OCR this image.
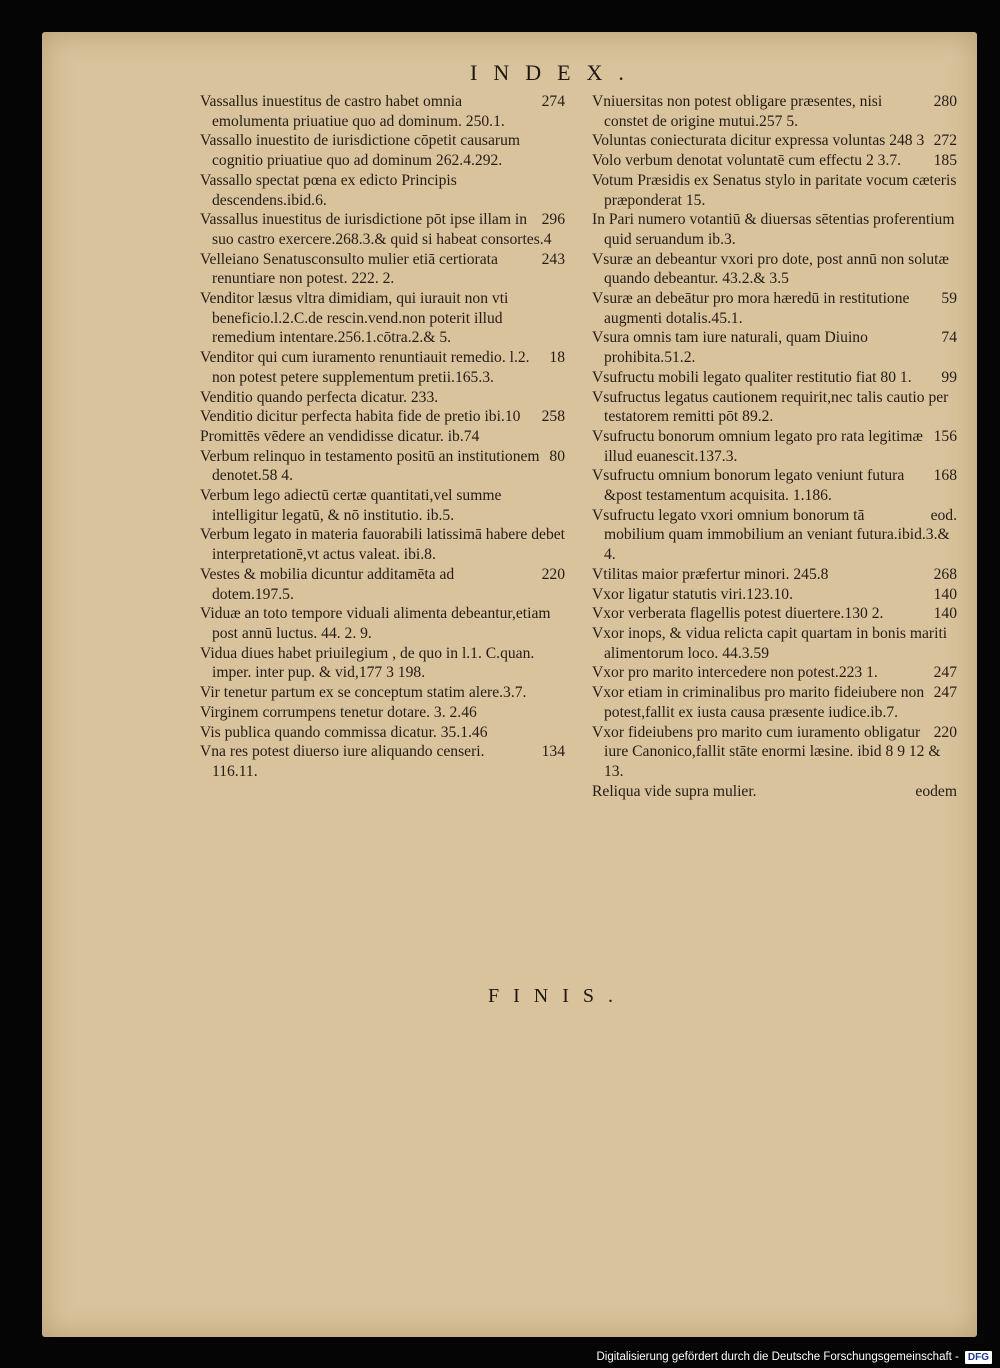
INDEX.
274
Vassallus inuestitus de castro habet omnia emolumenta priuatiue quo ad dominum. 250.1.
Vassallo inuestito de iurisdictione cōpetit causarum cognitio priuatiue quo ad dominum 262.4.292.
Vassallo spectat pœna ex edicto Principis descendens.ibid.6.
296
Vassallus inuestitus de iurisdictione pōt ipse illam in suo castro exercere.268.3.& quid si habeat consortes.4
243
Velleiano Senatusconsulto mulier etiā certiorata renuntiare non potest. 222. 2.
Venditor læsus vltra dimidiam, qui iurauit non vti beneficio.l.2.C.de rescin.vend.non poterit illud remedium intentare.256.1.cōtra.2.& 5.
18
Venditor qui cum iuramento renuntiauit remedio. l.2. non potest petere supplementum pretii.165.3.
Venditio quando perfecta dicatur. 233.
258
Venditio dicitur perfecta habita fide de pretio ibi.10
Promittēs vēdere an vendidisse dicatur. ib.74
80
Verbum relinquo in testamento positū an institutionem denotet.58 4.
Verbum lego adiectū certæ quantitati,vel summe intelligitur legatū, & nō institutio. ib.5.
Verbum legato in materia fauorabili latissimā habere debet interpretationē,vt actus valeat. ibi.8.
220
Vestes & mobilia dicuntur additamēta ad dotem.197.5.
Viduæ an toto tempore viduali alimenta debeantur,etiam post annū luctus. 44. 2. 9.
Vidua diues habet priuilegium , de quo in l.1. C.quan. imper. inter pup. & vid,177 3 198.
Vir tenetur partum ex se conceptum statim alere.3.7.
Virginem corrumpens tenetur dotare. 3. 2.46
Vis publica quando commissa dicatur. 35.1.46
134
Vna res potest diuerso iure aliquando censeri. 116.11.
280
Vniuersitas non potest obligare præsentes, nisi constet de origine mutui.257 5.
272
Voluntas coniecturata dicitur expressa voluntas 248 3
185
Volo verbum denotat voluntatē cum effectu 2 3.7.
Votum Præsidis ex Senatus stylo in paritate vocum cæteris præponderat 15.
In Pari numero votantiū & diuersas sētentias proferentium quid seruandum ib.3.
Vsuræ an debeantur vxori pro dote, post annū non solutæ quando debeantur. 43.2.& 3.5
59
Vsuræ an debeātur pro mora hæredū in restitutione augmenti dotalis.45.1.
74
Vsura omnis tam iure naturali, quam Diuino prohibita.51.2.
99
Vsufructu mobili legato qualiter restitutio fiat 80 1.
Vsufructus legatus cautionem requirit,nec talis cautio per testatorem remitti pōt 89.2.
156
Vsufructu bonorum omnium legato pro rata legitimæ illud euanescit.137.3.
168
Vsufructu omnium bonorum legato veniunt futura &post testamentum acquisita. 1.186.
eod.
Vsufructu legato vxori omnium bonorum tā mobilium quam immobilium an veniant futura.ibid.3.& 4.
268
Vtilitas maior præfertur minori. 245.8
140
Vxor ligatur statutis viri.123.10.
140
Vxor verberata flagellis potest diuertere.130 2.
Vxor inops, & vidua relicta capit quartam in bonis mariti alimentorum loco. 44.3.59
247
Vxor pro marito intercedere non potest.223 1.
247
Vxor etiam in criminalibus pro marito fideiubere non potest,fallit ex iusta causa præsente iudice.ib.7.
220
Vxor fideiubens pro marito cum iuramento obligatur iure Canonico,fallit stāte enormi læsine. ibid 8 9 12 & 13.
eodem
Reliqua vide supra mulier.
FINIS.
Digitalisierung gefördert durch die Deutsche Forschungsgemeinschaft - DFG
